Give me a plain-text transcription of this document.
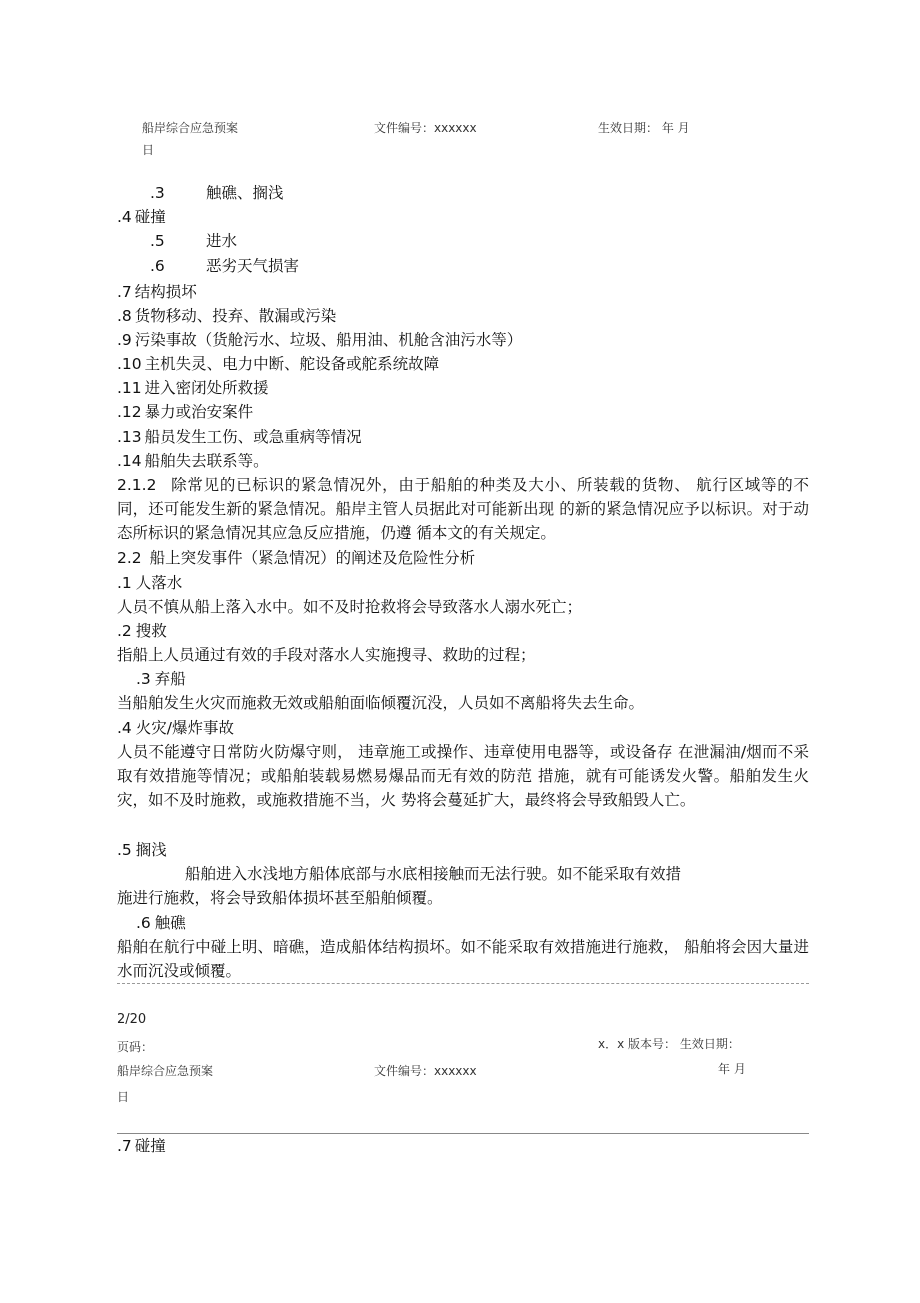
船岸综合应急预案	文件编号：xxxxxx	生效日期： 年 月
日
.3	触礁、搁浅
.4 碰撞
.5	进水
.6	恶劣天气损害
.7 结构损坏
.8 货物移动、投弃、散漏或污染
.9 污染事故（货舱污水、垃圾、船用油、机舱含油污水等）
.10 主机失灵、电力中断、舵设备或舵系统故障
.11 进入密闭处所救援
.12 暴力或治安案件
.13 船员发生工伤、或急重病等情况
.14 船舶失去联系等。
2.1.2 除常见的已标识的紧急情况外，由于船舶的种类及大小、所装载的货物、 航行区域等的不同，还可能发生新的紧急情况。船岸主管人员据此对可能新出现 的新的紧急情况应予以标识。对于动态所标识的紧急情况其应急反应措施，仍遵 循本文的有关规定。
2.2 船上突发事件（紧急情况）的阐述及危险性分析
.1 人落水
人员不慎从船上落入水中。如不及时抢救将会导致落水人溺水死亡；
.2 搜救
指船上人员通过有效的手段对落水人实施搜寻、救助的过程；
.3 弃船
当船舶发生火灾而施救无效或船舶面临倾覆沉没，人员如不离船将失去生命。
.4 火灾/爆炸事故
人员不能遵守日常防火防爆守则， 违章施工或操作、违章使用电器等，或设备存 在泄漏油/烟而不采取有效措施等情况；或船舶装载易燃易爆品而无有效的防范 措施，就有可能诱发火警。船舶发生火灾，如不及时施救，或施救措施不当，火 势将会蔓延扩大，最终将会导致船毁人亡。
.5 搁浅
船舶进入水浅地方船体底部与水底相接触而无法行驶。如不能采取有效措
施进行施救，将会导致船体损坏甚至船舶倾覆。
.6 触礁
船舶在航行中碰上明、暗礁，造成船体结构损坏。如不能采取有效措施进行施救， 船舶将会因大量进水而沉没或倾覆。
2/20
页码：	x．x 版本号： 生效日期：
船岸综合应急预案	文件编号：xxxxxx	年 月
日
.7 碰撞
